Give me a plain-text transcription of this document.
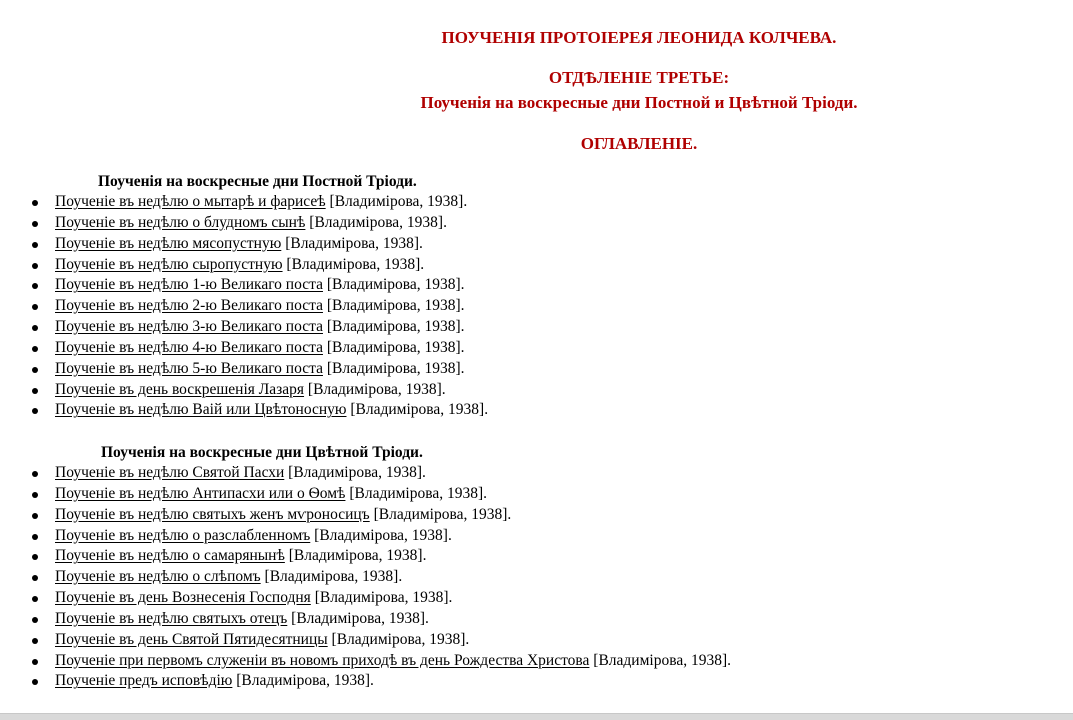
ПОУЧЕНІЯ ПРОТОІЕРЕЯ ЛЕОНИДА КОЛЧЕВА.
ОТДѢЛЕНІЕ ТРЕТЬЕ:
Поученія на воскресные дни Постной и Цвѣтной Тріоди.
ОГЛАВЛЕНІЕ.
Поученія на воскресные дни Постной Тріоди.
Поученіе въ недѣлю о мытарѣ и фарисеѣ [Владимірова, 1938].
Поученіе въ недѣлю о блудномъ сынѣ [Владимірова, 1938].
Поученіе въ недѣлю мясопустную [Владимірова, 1938].
Поученіе въ недѣлю сыропустную [Владимірова, 1938].
Поученіе въ недѣлю 1-ю Великаго поста [Владимірова, 1938].
Поученіе въ недѣлю 2-ю Великаго поста [Владимірова, 1938].
Поученіе въ недѣлю 3-ю Великаго поста [Владимірова, 1938].
Поученіе въ недѣлю 4-ю Великаго поста [Владимірова, 1938].
Поученіе въ недѣлю 5-ю Великаго поста [Владимірова, 1938].
Поученіе въ день воскрешенія Лазаря [Владимірова, 1938].
Поученіе въ недѣлю Ваій или Цвѣтоносную [Владимірова, 1938].
Поученія на воскресные дни Цвѣтной Тріоди.
Поученіе въ недѣлю Святой Пасхи [Владимірова, 1938].
Поученіе въ недѣлю Антипасхи или о Ѳомѣ [Владимірова, 1938].
Поученіе въ недѣлю святыхъ женъ мѵроносицъ [Владимірова, 1938].
Поученіе въ недѣлю о разслабленномъ [Владимірова, 1938].
Поученіе въ недѣлю о самарянынѣ [Владимірова, 1938].
Поученіе въ недѣлю о слѣпомъ [Владимірова, 1938].
Поученіе въ день Вознесенія Господня [Владимірова, 1938].
Поученіе въ недѣлю святыхъ отецъ [Владимірова, 1938].
Поученіе въ день Святой Пятидесятницы [Владимірова, 1938].
Поученіе при первомъ служеніи въ новомъ приходѣ въ день Рождества Христова [Владимірова, 1938].
Поученіе предъ исповѣдію [Владимірова, 1938].
